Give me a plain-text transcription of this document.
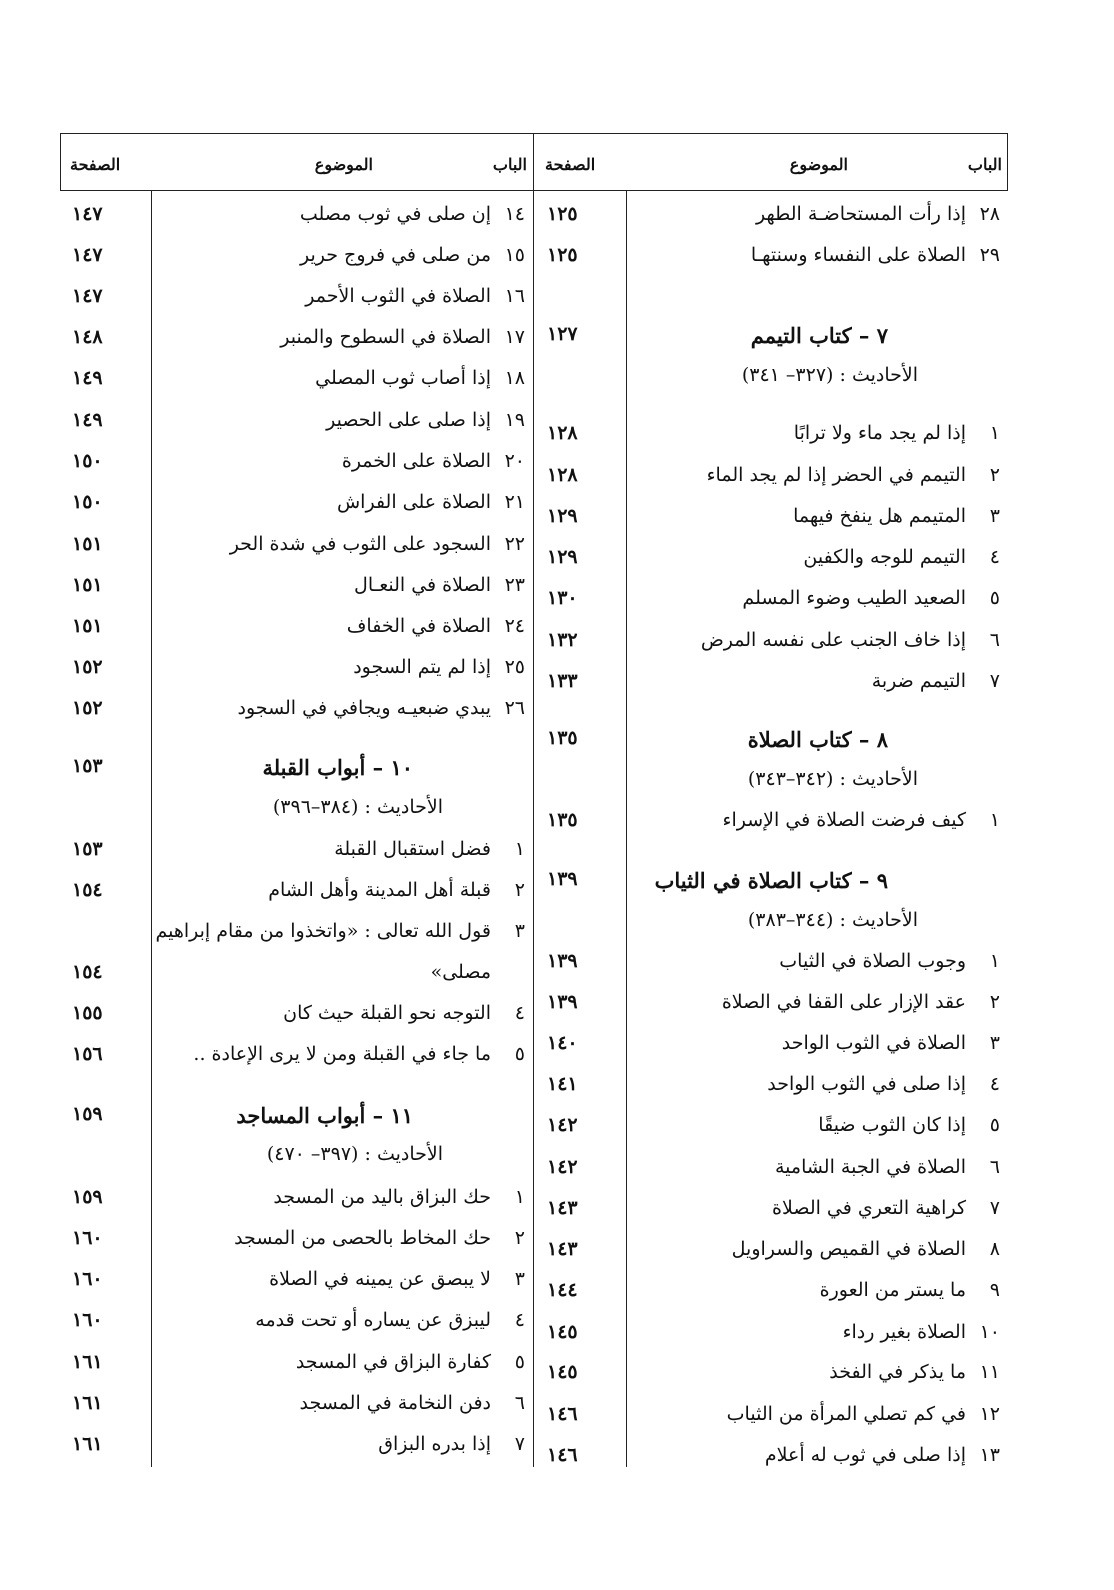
الباب
الموضوع
الصفحة
٢٨
إذا رأت المستحاضـة الطهر
١٢٥
٢٩
الصلاة على النفساء وسنتهـا
١٢٥
٧ – كتاب التيمم
١٢٧
الأحاديث : (٣٢٧– ٣٤١)
١
إذا لم يجد ماء ولا ترابًا
١٢٨
٢
التيمم في الحضر إذا لم يجد الماء
١٢٨
٣
المتيمم هل ينفخ فيهما
١٢٩
٤
التيمم للوجه والكفين
١٢٩
٥
الصعيد الطيب وضوء المسلم
١٣٠
٦
إذا خاف الجنب على نفسه المرض
١٣٢
٧
التيمم ضربة
١٣٣
٨ – كتاب الصلاة
١٣٥
الأحاديث : (٣٤٢–٣٤٣)
١
كيف فرضت الصلاة في الإسراء
١٣٥
٩ – كتاب الصلاة في الثياب
١٣٩
الأحاديث : (٣٤٤–٣٨٣)
١
وجوب الصلاة في الثياب
١٣٩
٢
عقد الإزار على القفا في الصلاة
١٣٩
٣
الصلاة في الثوب الواحد
١٤٠
٤
إذا صلى في الثوب الواحد
١٤١
٥
إذا كان الثوب ضيقًا
١٤٢
٦
الصلاة في الجبة الشامية
١٤٢
٧
كراهية التعري في الصلاة
١٤٣
٨
الصلاة في القميص والسراويل
١٤٣
٩
ما يستر من العورة
١٤٤
١٠
الصلاة بغير رداء
١٤٥
١١
ما يذكر في الفخذ
١٤٥
١٢
في كم تصلي المرأة من الثياب
١٤٦
١٣
إذا صلى في ثوب له أعلام
١٤٦
الباب
الموضوع
الصفحة
١٤
إن صلى في ثوب مصلب
١٤٧
١٥
من صلى في فروج حرير
١٤٧
١٦
الصلاة في الثوب الأحمر
١٤٧
١٧
الصلاة في السطوح والمنبر
١٤٨
١٨
إذا أصاب ثوب المصلي
١٤٩
١٩
إذا صلى على الحصير
١٤٩
٢٠
الصلاة على الخمرة
١٥٠
٢١
الصلاة على الفراش
١٥٠
٢٢
السجود على الثوب في شدة الحر
١٥١
٢٣
الصلاة في النعـال
١٥١
٢٤
الصلاة في الخفاف
١٥١
٢٥
إذا لم يتم السجود
١٥٢
٢٦
يبدي ضبعيـه ويجافي في السجود
١٥٢
١٠ – أبواب القبلة
١٥٣
الأحاديث : (٣٨٤–٣٩٦)
١
فضل استقبال القبلة
١٥٣
٢
قبلة أهل المدينة وأهل الشام
١٥٤
٣
قول الله تعالى : «واتخذوا من مقام إبراهيم
مصلى»
١٥٤
٤
التوجه نحو القبلة حيث كان
١٥٥
٥
ما جاء في القبلة ومن لا يرى الإعادة ..
١٥٦
١١ – أبواب المساجد
١٥٩
الأحاديث : (٣٩٧– ٤٧٠)
١
حك البزاق باليد من المسجد
١٥٩
٢
حك المخاط بالحصى من المسجد
١٦٠
٣
لا يبصق عن يمينه في الصلاة
١٦٠
٤
ليبزق عن يساره أو تحت قدمه
١٦٠
٥
كفارة البزاق في المسجد
١٦١
٦
دفن النخامة في المسجد
١٦١
٧
إذا بدره البزاق
١٦١
